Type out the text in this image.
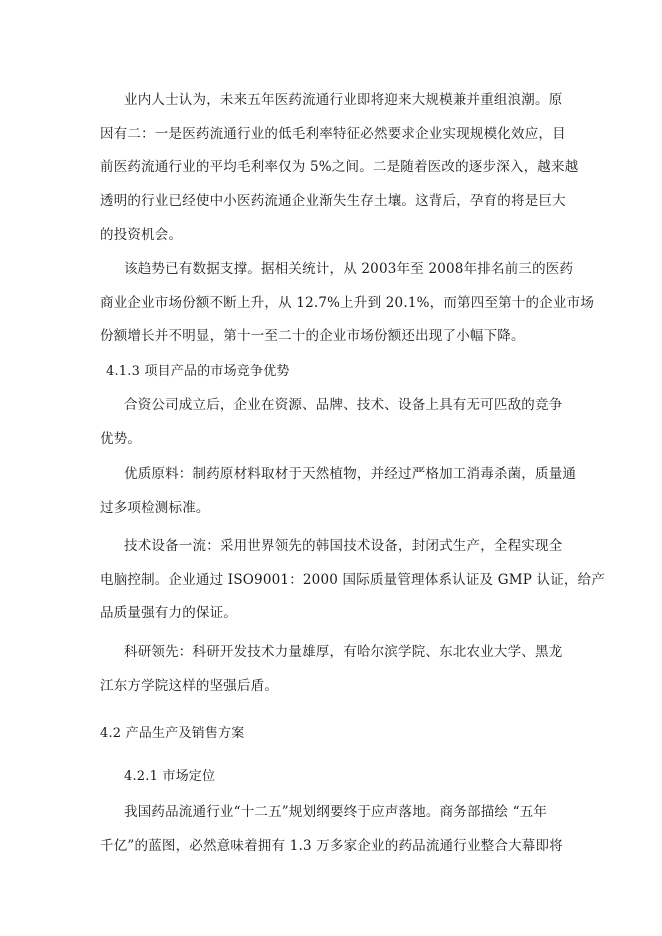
业内人士认为，未来五年医药流通行业即将迎来大规模兼并重组浪潮。原
因有二：一是医药流通行业的低毛利率特征必然要求企业实现规模化效应，目
前医药流通行业的平均毛利率仅为 5%之间。二是随着医改的逐步深入，越来越
透明的行业已经使中小医药流通企业渐失生存土壤。这背后，孕育的将是巨大
的投资机会。
该趋势已有数据支撑。据相关统计，从 2003年至 2008年排名前三的医药
商业企业市场份额不断上升，从 12.7%上升到 20.1%，而第四至第十的企业市场
份额增长并不明显，第十一至二十的企业市场份额还出现了小幅下降。
4.1.3 项目产品的市场竞争优势
合资公司成立后，企业在资源、品牌、技术、设备上具有无可匹敌的竞争
优势。
优质原料：制药原材料取材于天然植物，并经过严格加工消毒杀菌，质量通
过多项检测标准。
技术设备一流：采用世界领先的韩国技术设备，封闭式生产，全程实现全
电脑控制。企业通过 ISO9001：2000 国际质量管理体系认证及 GMP 认证，给产
品质量强有力的保证。
科研领先：科研开发技术力量雄厚，有哈尔滨学院、东北农业大学、黑龙
江东方学院这样的坚强后盾。
4.2 产品生产及销售方案
4.2.1 市场定位
我国药品流通行业“十二五”规划纲要终于应声落地。商务部描绘 “五年
千亿”的蓝图，必然意味着拥有 1.3 万多家企业的药品流通行业整合大幕即将
